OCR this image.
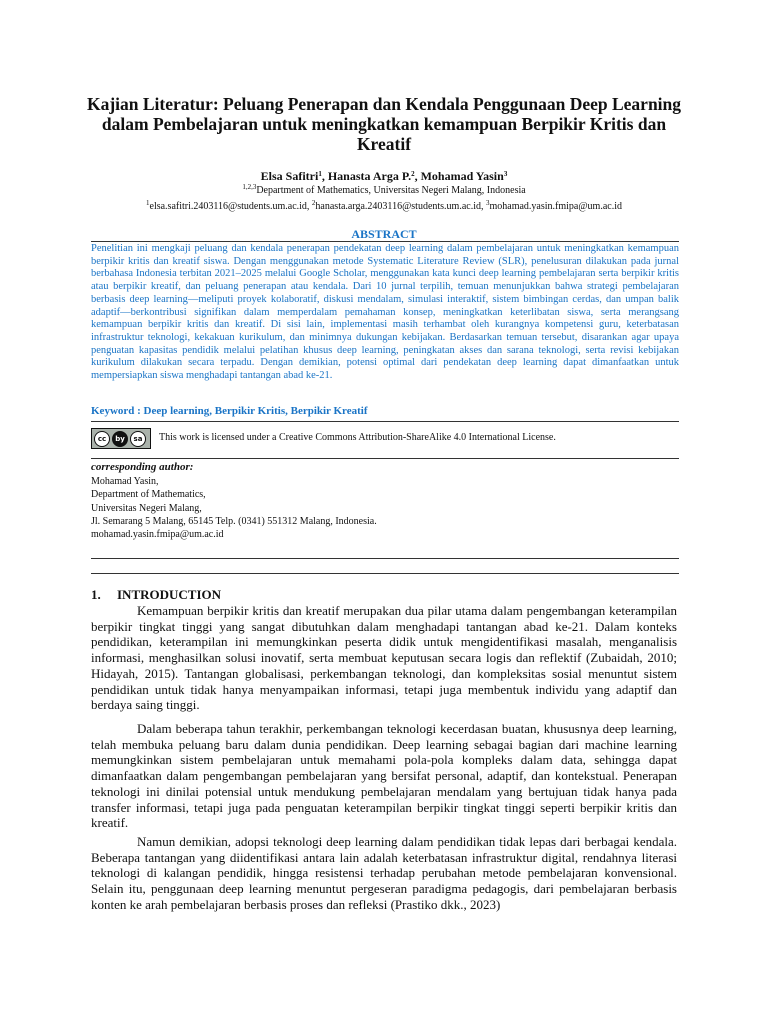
Kajian Literatur: Peluang Penerapan dan Kendala Penggunaan Deep Learning dalam Pembelajaran untuk meningkatkan kemampuan Berpikir Kritis dan Kreatif
Elsa Safitri$^1$, Hanasta Arga P.$^2$, Mohamad Yasin$^3$
$^{1,2,3}$Department of Mathematics, Universitas Negeri Malang, Indonesia
$^1$elsa.safitri.2403116@students.um.ac.id, $^2$hanasta.arga.2403116@students.um.ac.id, $^3$mohamad.yasin.fmipa@um.ac.id
ABSTRACT

Penelitian ini mengkaji peluang dan kendala penerapan pendekatan deep learning dalam pembelajaran untuk meningkatkan kemampuan berpikir kritis dan kreatif siswa. Dengan menggunakan metode Systematic Literature Review (SLR), penelusuran dilakukan pada jurnal berbahasa Indonesia terbitan 2021–2025 melalui Google Scholar, menggunakan kata kunci deep learning pembelajaran serta berpikir kritis atau berpikir kreatif, dan peluang penerapan atau kendala. Dari 10 jurnal terpilih, temuan menunjukkan bahwa strategi pembelajaran berbasis deep learning—meliputi proyek kolaboratif, diskusi mendalam, simulasi interaktif, sistem bimbingan cerdas, dan umpan balik adaptif—berkontribusi signifikan dalam memperdalam pemahaman konsep, meningkatkan keterlibatan siswa, serta merangsang kemampuan berpikir kritis dan kreatif. Di sisi lain, implementasi masih terhambat oleh kurangnya kompetensi guru, keterbatasan infrastruktur teknologi, kekakuan kurikulum, dan minimnya dukungan kebijakan. Berdasarkan temuan tersebut, disarankan agar upaya penguatan kapasitas pendidik melalui pelatihan khusus deep learning, peningkatan akses dan sarana teknologi, serta revisi kebijakan kurikulum dilakukan secara terpadu. Dengan demikian, potensi optimal dari pendekatan deep learning dapat dimanfaatkan untuk mempersiapkan siswa menghadapi tantangan abad ke-21.

Keyword : Deep learning, Berpikir Kritis, Berpikir Kreatif
cc	by	sa	This work is licensed under a Creative Commons Attribution-ShareAlike 4.0 International License.
corresponding author:
Mohamad Yasin,
Department of Mathematics,
Universitas Negeri Malang,
Jl. Semarang 5 Malang, 65145 Telp. (0341) 551312 Malang, Indonesia.
mohamad.yasin.fmipa@um.ac.id
1. INTRODUCTION

Kemampuan berpikir kritis dan kreatif merupakan dua pilar utama dalam pengembangan keterampilan berpikir tingkat tinggi yang sangat dibutuhkan dalam menghadapi tantangan abad ke-21. Dalam konteks pendidikan, keterampilan ini memungkinkan peserta didik untuk mengidentifikasi masalah, menganalisis informasi, menghasilkan solusi inovatif, serta membuat keputusan secara logis dan reflektif (Zubaidah, 2010; Hidayah, 2015). Tantangan globalisasi, perkembangan teknologi, dan kompleksitas sosial menuntut sistem pendidikan untuk tidak hanya menyampaikan informasi, tetapi juga membentuk individu yang adaptif dan berdaya saing tinggi.

Dalam beberapa tahun terakhir, perkembangan teknologi kecerdasan buatan, khususnya deep learning, telah membuka peluang baru dalam dunia pendidikan. Deep learning sebagai bagian dari machine learning memungkinkan sistem pembelajaran untuk memahami pola-pola kompleks dalam data, sehingga dapat dimanfaatkan dalam pengembangan pembelajaran yang bersifat personal, adaptif, dan kontekstual. Penerapan teknologi ini dinilai potensial untuk mendukung pembelajaran mendalam yang bertujuan tidak hanya pada transfer informasi, tetapi juga pada penguatan keterampilan berpikir tingkat tinggi seperti berpikir kritis dan kreatif.

Namun demikian, adopsi teknologi deep learning dalam pendidikan tidak lepas dari berbagai kendala. Beberapa tantangan yang diidentifikasi antara lain adalah keterbatasan infrastruktur digital, rendahnya literasi teknologi di kalangan pendidik, hingga resistensi terhadap perubahan metode pembelajaran konvensional. Selain itu, penggunaan deep learning menuntut pergeseran paradigma pedagogis, dari pembelajaran berbasis konten ke arah pembelajaran berbasis proses dan refleksi (Prastiko dkk., 2023)
